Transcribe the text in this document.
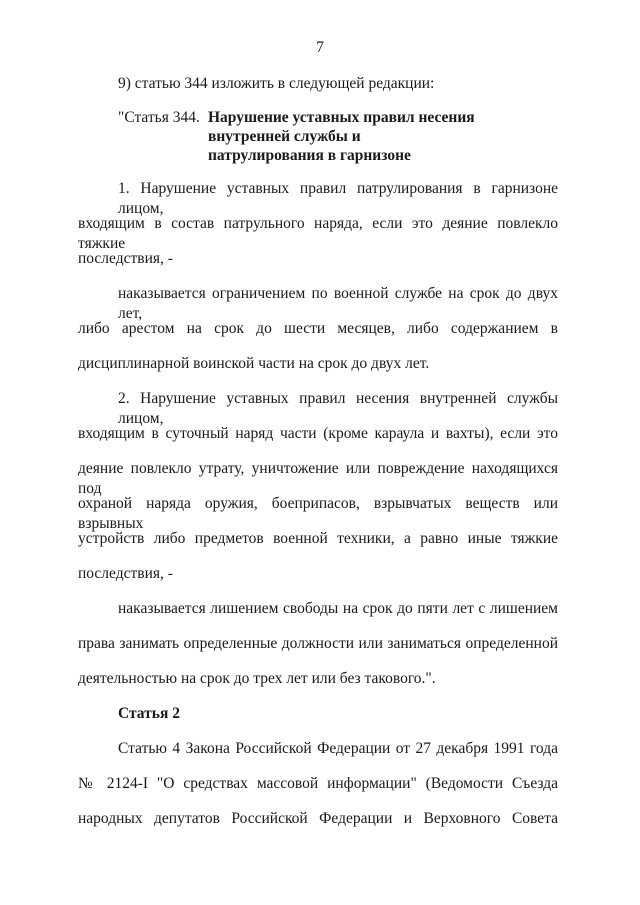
7
9) статью 344 изложить в следующей редакции:
"Статья 344. Нарушение уставных правил несения
внутренней службы и
патрулирования в гарнизоне
1. Нарушение уставных правил патрулирования в гарнизоне лицом,
входящим в состав патрульного наряда, если это деяние повлекло тяжкие
последствия, -
наказывается ограничением по военной службе на срок до двух лет,
либо арестом на срок до шести месяцев, либо содержанием в
дисциплинарной воинской части на срок до двух лет.
2. Нарушение уставных правил несения внутренней службы лицом,
входящим в суточный наряд части (кроме караула и вахты), если это
деяние повлекло утрату, уничтожение или повреждение находящихся под
охраной наряда оружия, боеприпасов, взрывчатых веществ или взрывных
устройств либо предметов военной техники, а равно иные тяжкие
последствия, -
наказывается лишением свободы на срок до пяти лет с лишением
права занимать определенные должности или заниматься определенной
деятельностью на срок до трех лет или без такового.".
Статья 2
Статью 4 Закона Российской Федерации от 27 декабря 1991 года
№ 2124-I "О средствах массовой информации" (Ведомости Съезда
народных депутатов Российской Федерации и Верховного Совета
